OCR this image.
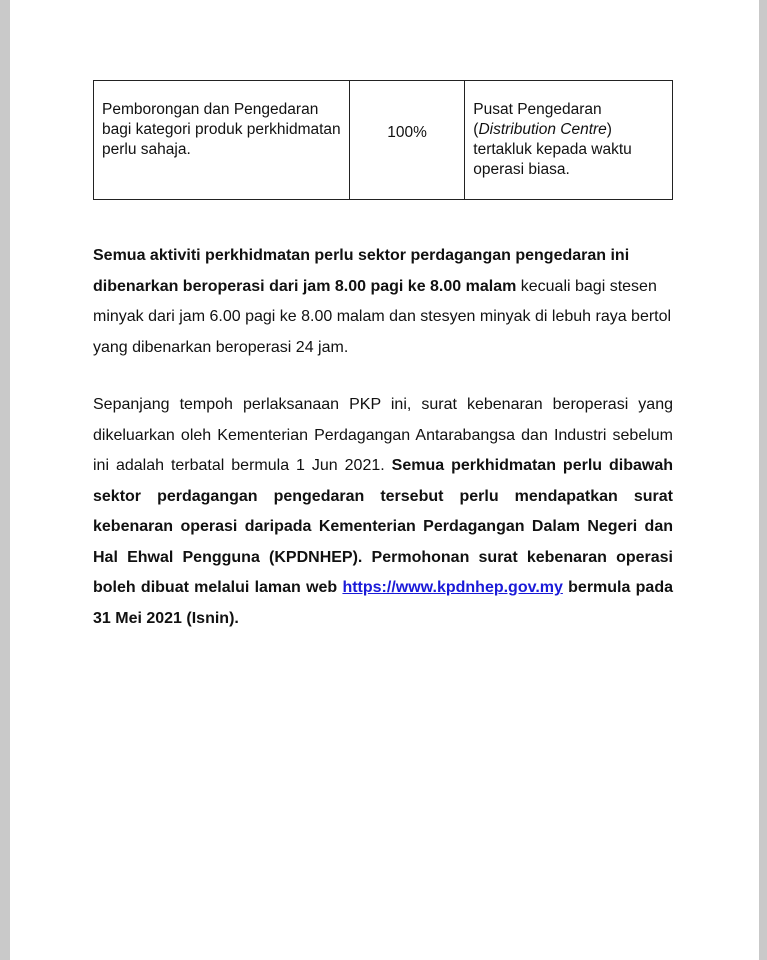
Pemborongan dan Pengedaran bagi kategori produk perkhidmatan perlu sahaja.	100%	Pusat Pengedaran (Distribution Centre) tertakluk kepada waktu operasi biasa.

Semua aktiviti perkhidmatan perlu sektor perdagangan pengedaran ini dibenarkan beroperasi dari jam 8.00 pagi ke 8.00 malam kecuali bagi stesen minyak dari jam 6.00 pagi ke 8.00 malam dan stesyen minyak di lebuh raya bertol yang dibenarkan beroperasi 24 jam.

Sepanjang tempoh perlaksanaan PKP ini, surat kebenaran beroperasi yang dikeluarkan oleh Kementerian Perdagangan Antarabangsa dan Industri sebelum ini adalah terbatal bermula 1 Jun 2021. Semua perkhidmatan perlu dibawah sektor perdagangan pengedaran tersebut perlu mendapatkan surat kebenaran operasi daripada Kementerian Perdagangan Dalam Negeri dan Hal Ehwal Pengguna (KPDNHEP). Permohonan surat kebenaran operasi boleh dibuat melalui laman web https://www.kpdnhep.gov.my bermula pada 31 Mei 2021 (Isnin).
